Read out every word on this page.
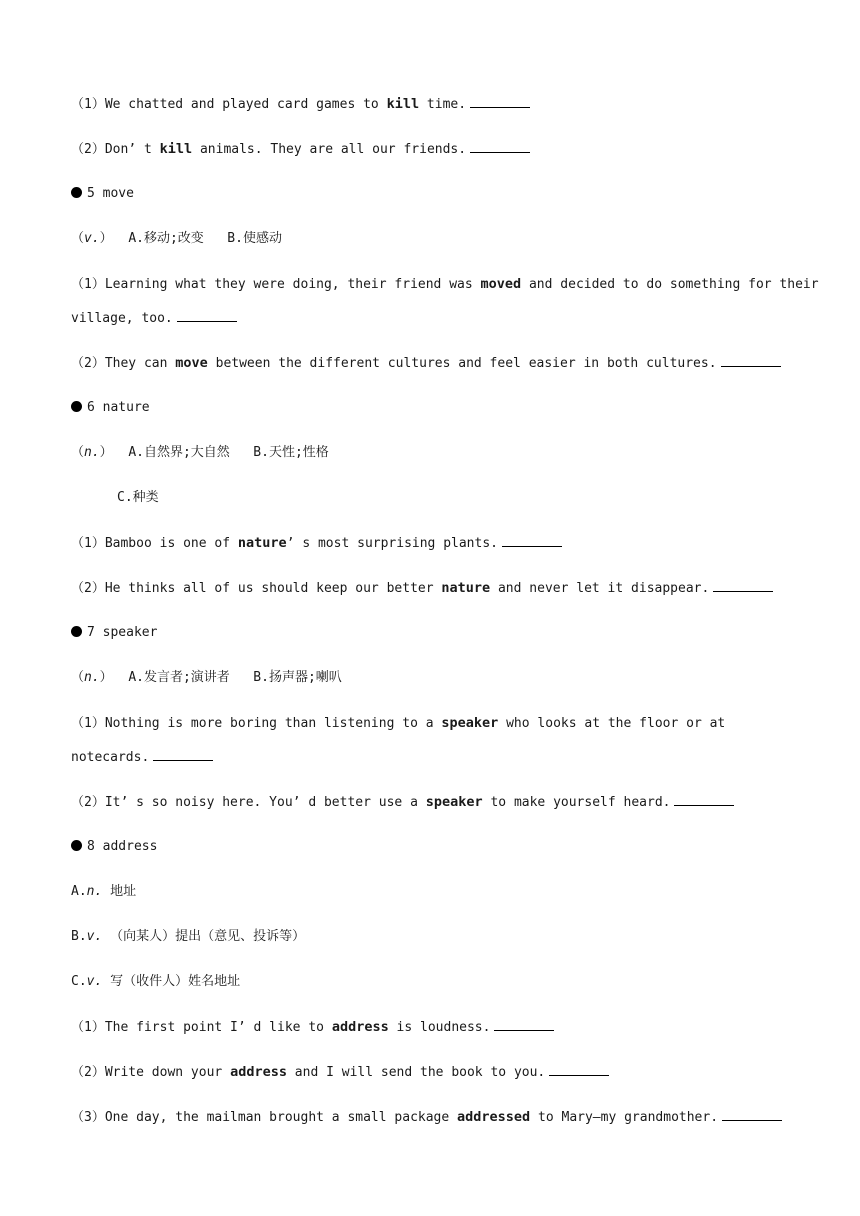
（1）We chatted and played card games to kill time.
（2）Don’ t kill animals. They are all our friends.
5 move
（v.）  A.移动;改变   B.使感动
（1）Learning what they were doing, their friend was moved and decided to do something for their
village, too.
（2）They can move between the different cultures and feel easier in both cultures.
6 nature
（n.）  A.自然界;大自然   B.天性;性格
C.种类
（1）Bamboo is one of nature’ s most surprising plants.
（2）He thinks all of us should keep our better nature and never let it disappear.
7 speaker
（n.）  A.发言者;演讲者   B.扬声器;喇叭
（1）Nothing is more boring than listening to a speaker who looks at the floor or at
notecards.
（2）It’ s so noisy here. You’ d better use a speaker to make yourself heard.
8 address
A.n. 地址
B.v. （向某人）提出（意见、投诉等）
C.v. 写（收件人）姓名地址
（1）The first point I’ d like to address is loudness.
（2）Write down your address and I will send the book to you.
（3）One day, the mailman brought a small package addressed to Mary—my grandmother.
